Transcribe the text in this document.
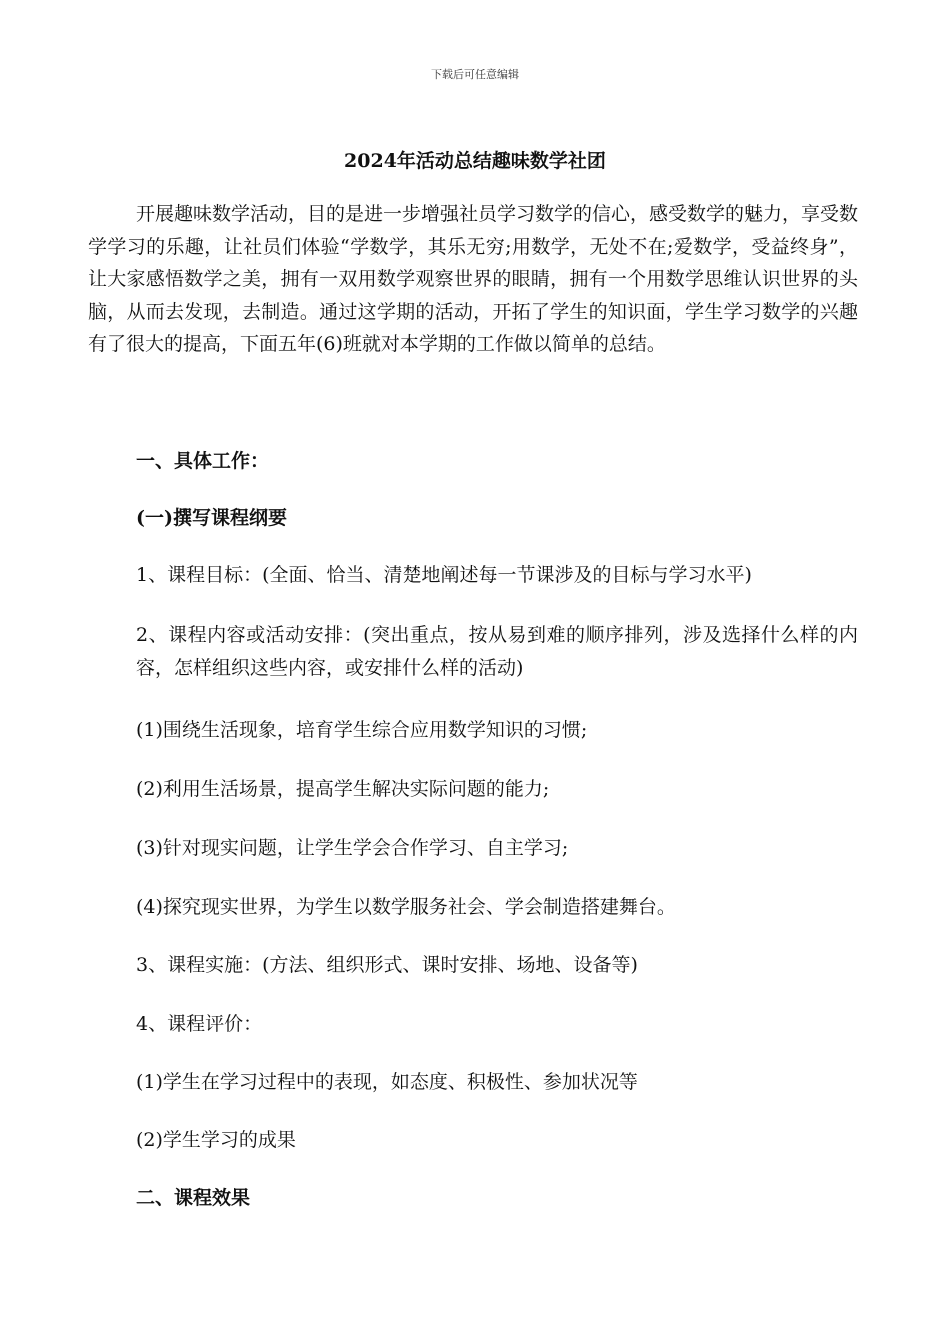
下载后可任意编辑
2024年活动总结趣味数学社团

开展趣味数学活动，目的是进一步增强社员学习数学的信心，感受数学的魅力，享受数学学习的乐趣，让社员们体验“学数学，其乐无穷;用数学，无处不在;爱数学，受益终身”，让大家感悟数学之美，拥有一双用数学观察世界的眼睛，拥有一个用数学思维认识世界的头脑，从而去发现，去制造。通过这学期的活动，开拓了学生的知识面，学生学习数学的兴趣有了很大的提高，下面五年(6)班就对本学期的工作做以简单的总结。

一、具体工作：

(一)撰写课程纲要

1、课程目标：(全面、恰当、清楚地阐述每一节课涉及的目标与学习水平)

2、课程内容或活动安排：(突出重点，按从易到难的顺序排列，涉及选择什么样的内容，怎样组织这些内容，或安排什么样的活动)

(1)围绕生活现象，培育学生综合应用数学知识的习惯;

(2)利用生活场景，提高学生解决实际问题的能力;

(3)针对现实问题，让学生学会合作学习、自主学习;

(4)探究现实世界，为学生以数学服务社会、学会制造搭建舞台。

3、课程实施：(方法、组织形式、课时安排、场地、设备等)

4、课程评价：

(1)学生在学习过程中的表现，如态度、积极性、参加状况等

(2)学生学习的成果

二、课程效果
